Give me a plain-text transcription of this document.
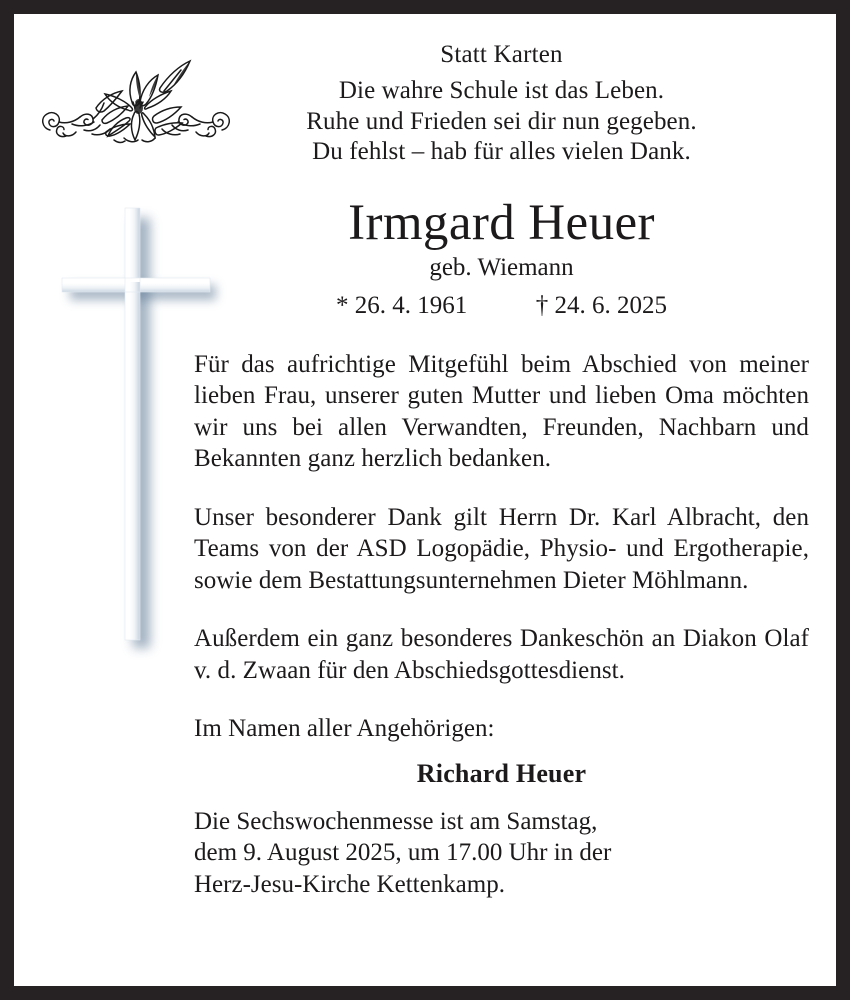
Statt Karten
Die wahre Schule ist das Leben.
Ruhe und Frieden sei dir nun gegeben.
Du fehlst – hab für alles vielen Dank.
Irmgard Heuer
geb. Wiemann
* 26. 4. 1961	† 24. 6. 2025

Für das aufrichtige Mitgefühl beim Abschied von meiner lieben Frau, unserer guten Mutter und lieben Oma möchten wir uns bei allen Verwandten, Freunden, Nachbarn und Bekannten ganz herzlich bedanken.

Unser besonderer Dank gilt Herrn Dr. Karl Albracht, den Teams von der ASD Logopädie, Physio- und Ergotherapie, sowie dem Bestattungsunternehmen Dieter Möhlmann.

Außerdem ein ganz besonderes Dankeschön an Diakon Olaf v. d. Zwaan für den Abschiedsgottesdienst.

Im Namen aller Angehörigen:

Richard Heuer
Die Sechswochenmesse ist am Samstag,
dem 9. August 2025, um 17.00 Uhr in der
Herz-Jesu-Kirche Kettenkamp.
